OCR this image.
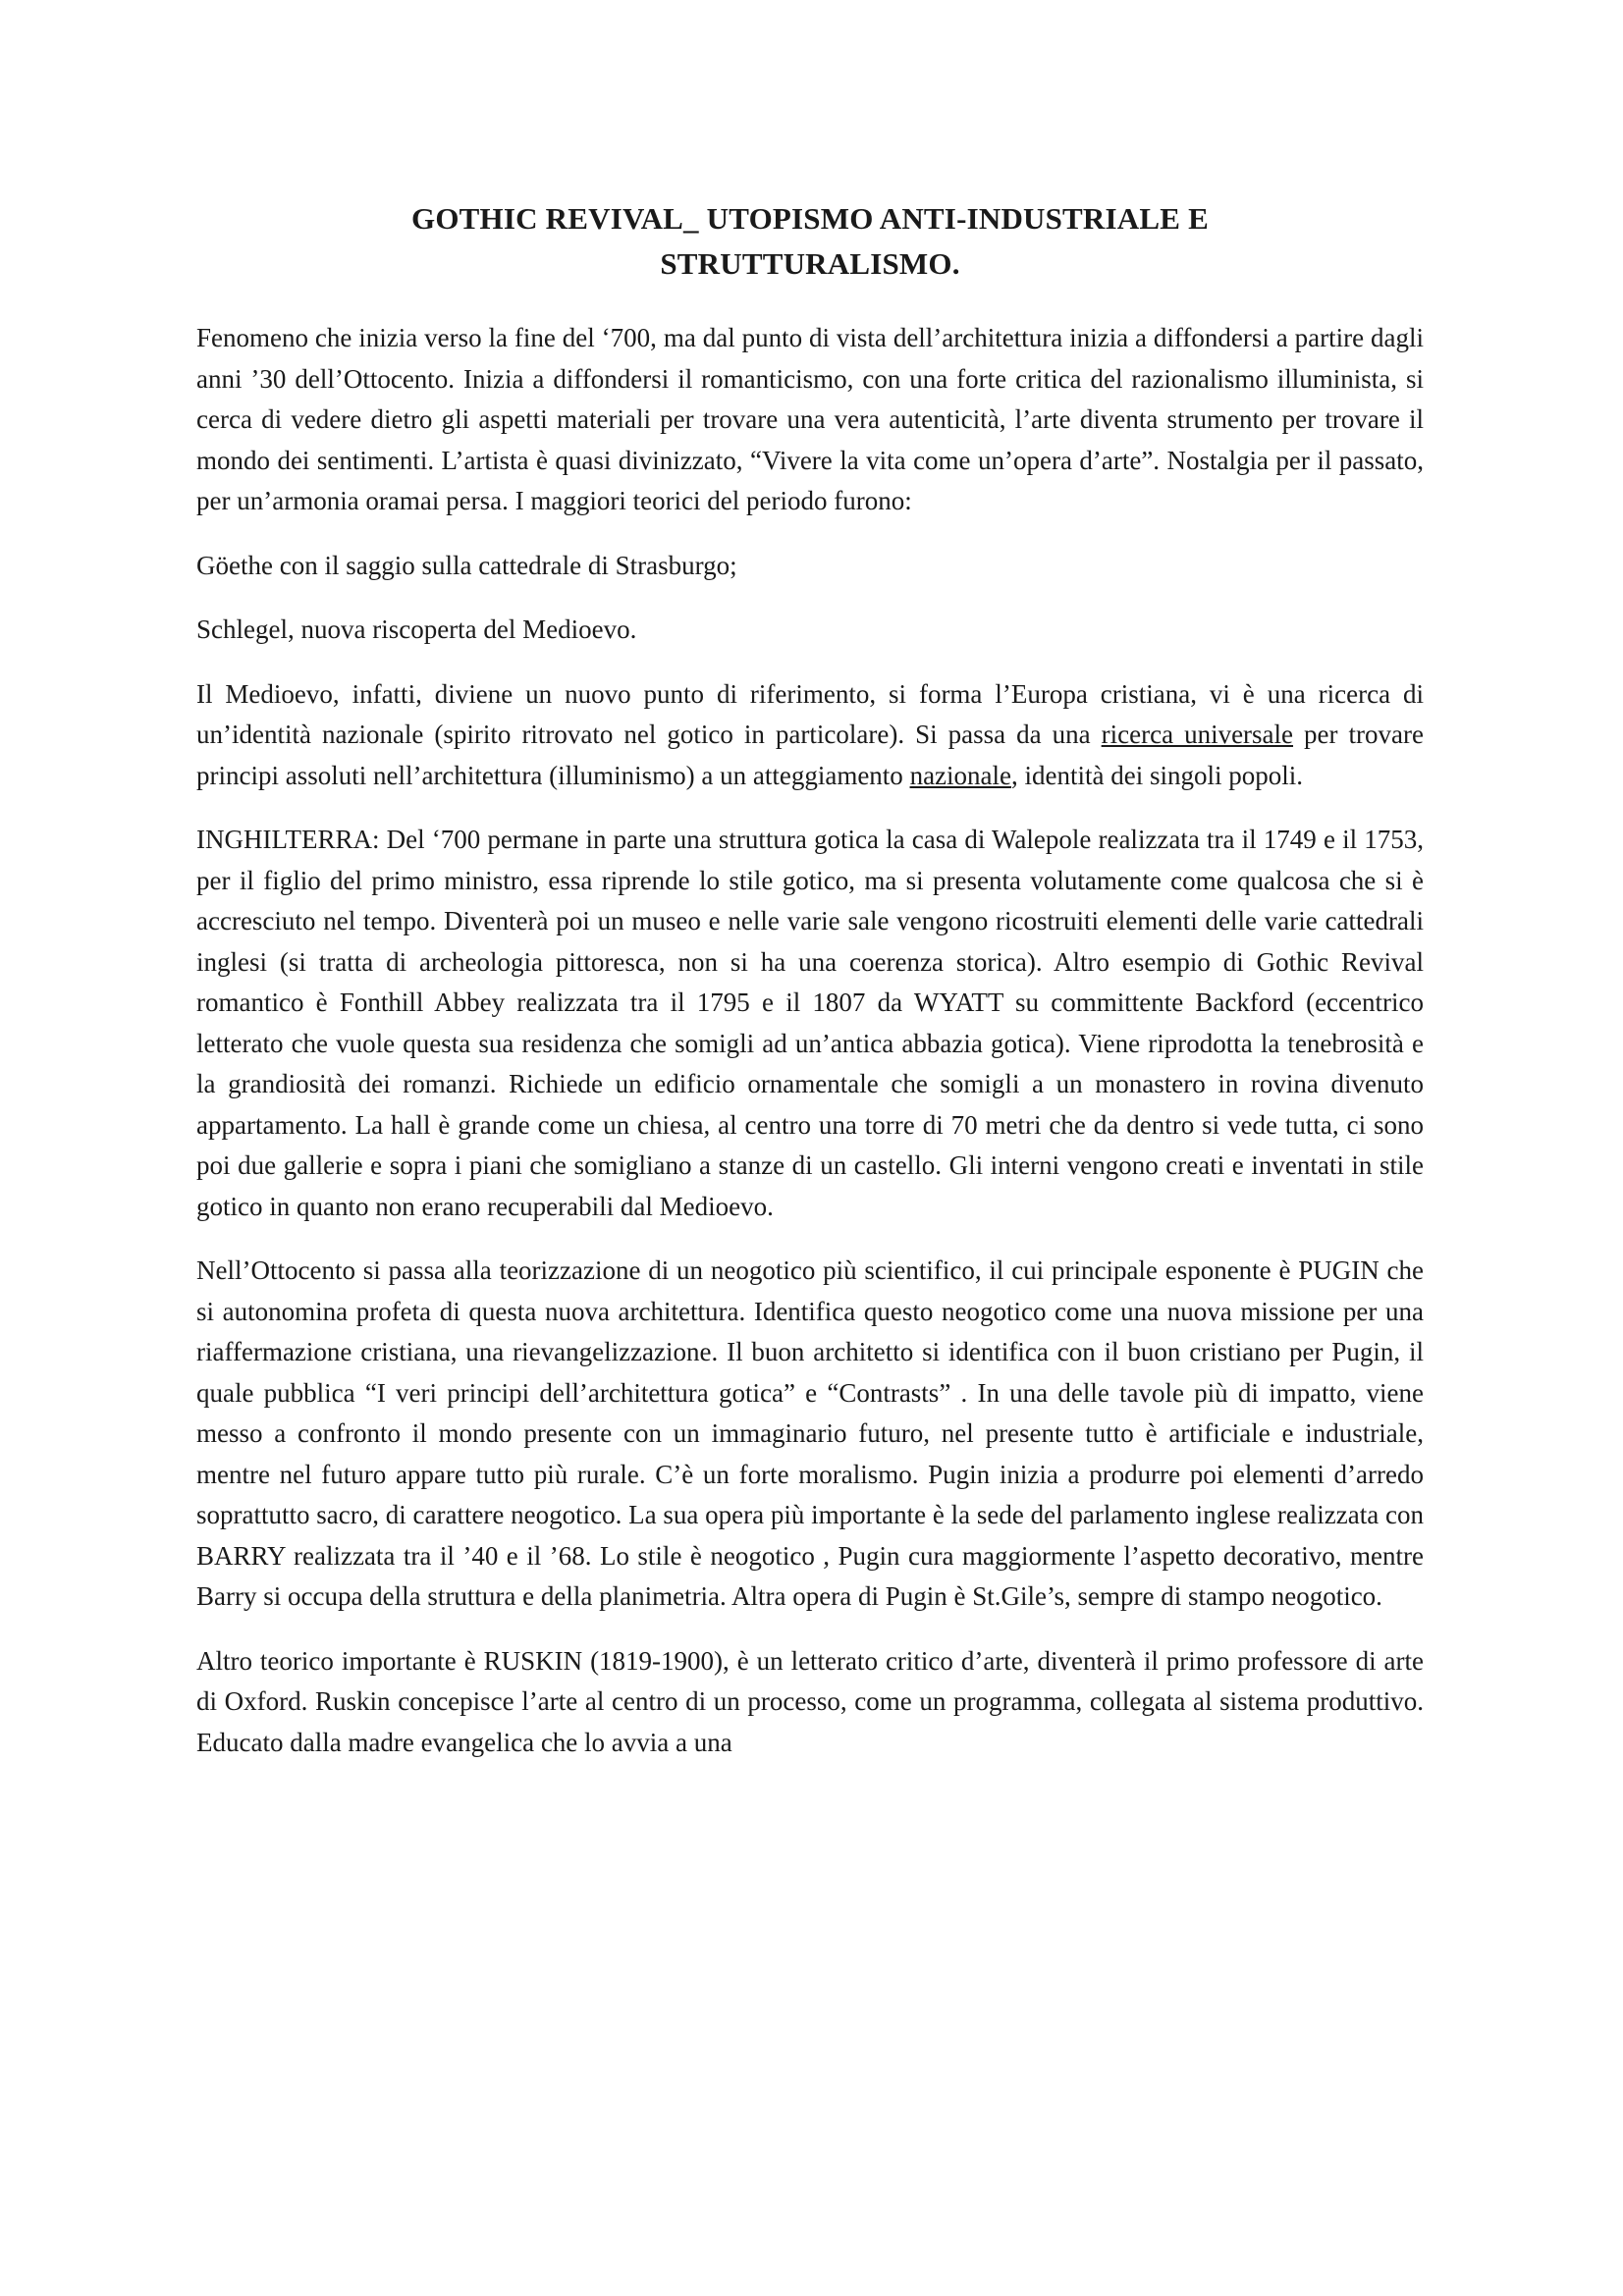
GOTHIC REVIVAL_ UTOPISMO ANTI-INDUSTRIALE E
STRUTTURALISMO.

Fenomeno che inizia verso la fine del ‘700, ma dal punto di vista dell’architettura inizia a diffondersi a partire dagli anni ’30 dell’Ottocento. Inizia a diffondersi il romanticismo, con una forte critica del razionalismo illuminista, si cerca di vedere dietro gli aspetti materiali per trovare una vera autenticità, l’arte diventa strumento per trovare il mondo dei sentimenti. L’artista è quasi divinizzato, “Vivere la vita come un’opera d’arte”. Nostalgia per il passato, per un’armonia oramai persa. I maggiori teorici del periodo furono:

Göethe con il saggio sulla cattedrale di Strasburgo;

Schlegel, nuova riscoperta del Medioevo.

Il Medioevo, infatti, diviene un nuovo punto di riferimento, si forma l’Europa cristiana, vi è una ricerca di un’identità nazionale (spirito ritrovato nel gotico in particolare). Si passa da una ricerca universale per trovare principi assoluti nell’architettura (illuminismo) a un atteggiamento nazionale, identità dei singoli popoli.

INGHILTERRA: Del ‘700 permane in parte una struttura gotica la casa di Walepole realizzata tra il 1749 e il 1753, per il figlio del primo ministro, essa riprende lo stile gotico, ma si presenta volutamente come qualcosa che si è accresciuto nel tempo. Diventerà poi un museo e nelle varie sale vengono ricostruiti elementi delle varie cattedrali inglesi (si tratta di archeologia pittoresca, non si ha una coerenza storica). Altro esempio di Gothic Revival romantico è Fonthill Abbey realizzata tra il 1795 e il 1807 da WYATT su committente Backford (eccentrico letterato che vuole questa sua residenza che somigli ad un’antica abbazia gotica). Viene riprodotta la tenebrosità e la grandiosità dei romanzi. Richiede un edificio ornamentale che somigli a un monastero in rovina divenuto appartamento. La hall è grande come un chiesa, al centro una torre di 70 metri che da dentro si vede tutta, ci sono poi due gallerie e sopra i piani che somigliano a stanze di un castello. Gli interni vengono creati e inventati in stile gotico in quanto non erano recuperabili dal Medioevo.

Nell’Ottocento si passa alla teorizzazione di un neogotico più scientifico, il cui principale esponente è PUGIN che si autonomina profeta di questa nuova architettura. Identifica questo neogotico come una nuova missione per una riaffermazione cristiana, una rievangelizzazione. Il buon architetto si identifica con il buon cristiano per Pugin, il quale pubblica “I veri principi dell’architettura gotica” e “Contrasts” . In una delle tavole più di impatto, viene messo a confronto il mondo presente con un immaginario futuro, nel presente tutto è artificiale e industriale, mentre nel futuro appare tutto più rurale. C’è un forte moralismo. Pugin inizia a produrre poi elementi d’arredo soprattutto sacro, di carattere neogotico. La sua opera più importante è la sede del parlamento inglese realizzata con BARRY realizzata tra il ’40 e il ’68. Lo stile è neogotico , Pugin cura maggiormente l’aspetto decorativo, mentre Barry si occupa della struttura e della planimetria. Altra opera di Pugin è St.Gile’s, sempre di stampo neogotico.

Altro teorico importante è RUSKIN (1819-1900), è un letterato critico d’arte, diventerà il primo professore di arte di Oxford. Ruskin concepisce l’arte al centro di un processo, come un programma, collegata al sistema produttivo. Educato dalla madre evangelica che lo avvia a una
